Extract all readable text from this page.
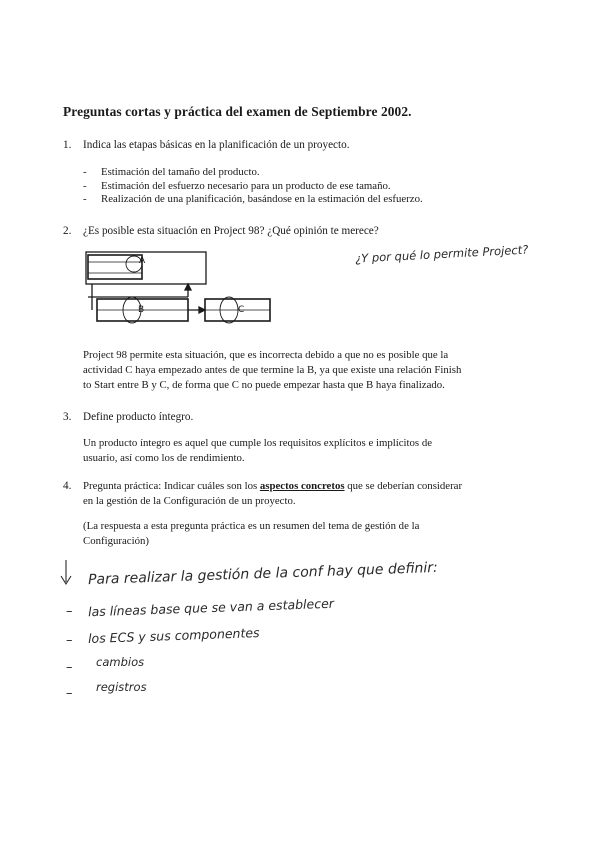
Preguntas cortas y práctica del examen de Septiembre 2002.
1. Indica las etapas básicas en la planificación de un proyecto.
-	Estimación del tamaño del producto.
-	Estimación del esfuerzo necesario para un producto de ese tamaño.
-	Realización de una planificación, basándose en la estimación del esfuerzo.
2. ¿Es posible esta situación en Project 98? ¿Qué opinión te merece?
¿Y por qué lo permite Project?
A
B	C
Project 98 permite esta situación, que es incorrecta debido a que no es posible que la
actividad C haya empezado antes de que termine la B, ya que existe una relación Finish
to Start entre B y C, de forma que C no puede empezar hasta que B haya finalizado.
3. Define producto íntegro.
Un producto íntegro es aquel que cumple los requisitos explícitos e implícitos de
usuario, así como los de rendimiento.
4. Pregunta práctica: Indicar cuáles son los aspectos concretos que se deberían considerar
en la gestión de la Configuración de un proyecto.
(La respuesta a esta pregunta práctica es un resumen del tema de gestión de la
Configuración)
Para realizar la gestión de la conf hay que definir:
– las líneas base que se van a establecer
– los ECS y sus componentes
– cambios
– registros
